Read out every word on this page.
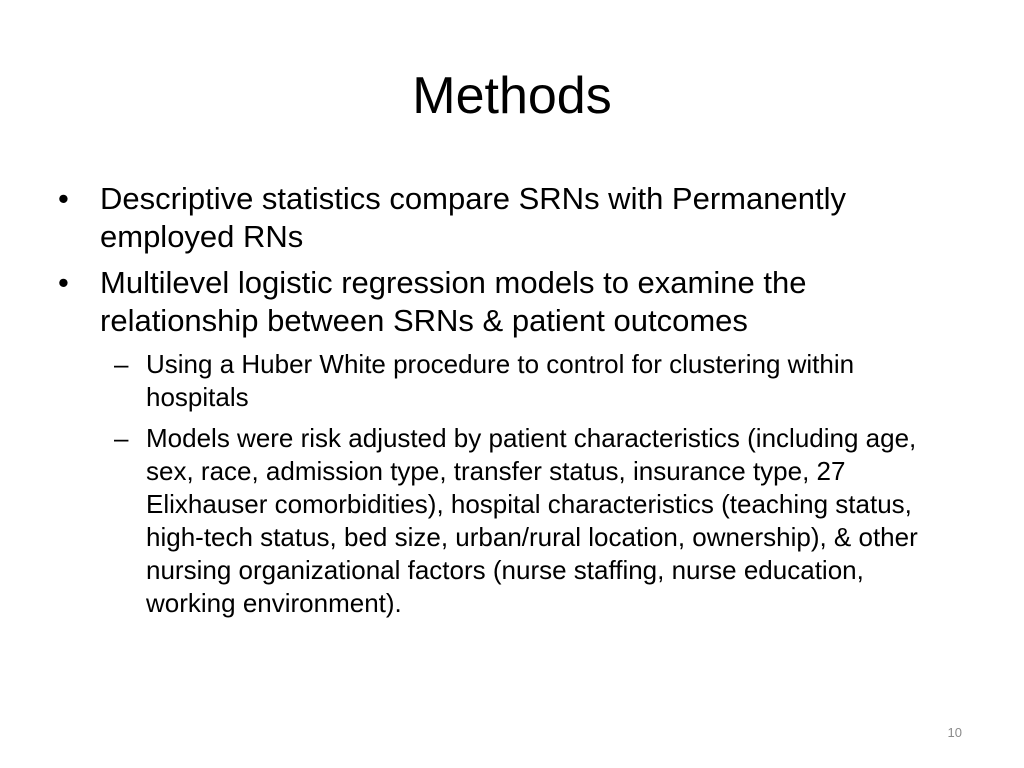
Methods
•	Descriptive statistics compare SRNs with Permanently employed RNs
•	Multilevel logistic regression models to examine the relationship between SRNs & patient outcomes
– Using a Huber White procedure to control for clustering within hospitals
– Models were risk adjusted by patient characteristics (including age, sex, race, admission type, transfer status, insurance type, 27 Elixhauser comorbidities), hospital characteristics (teaching status, high-tech status, bed size, urban/rural location, ownership), & other nursing organizational factors (nurse staffing, nurse education, working environment).
10
